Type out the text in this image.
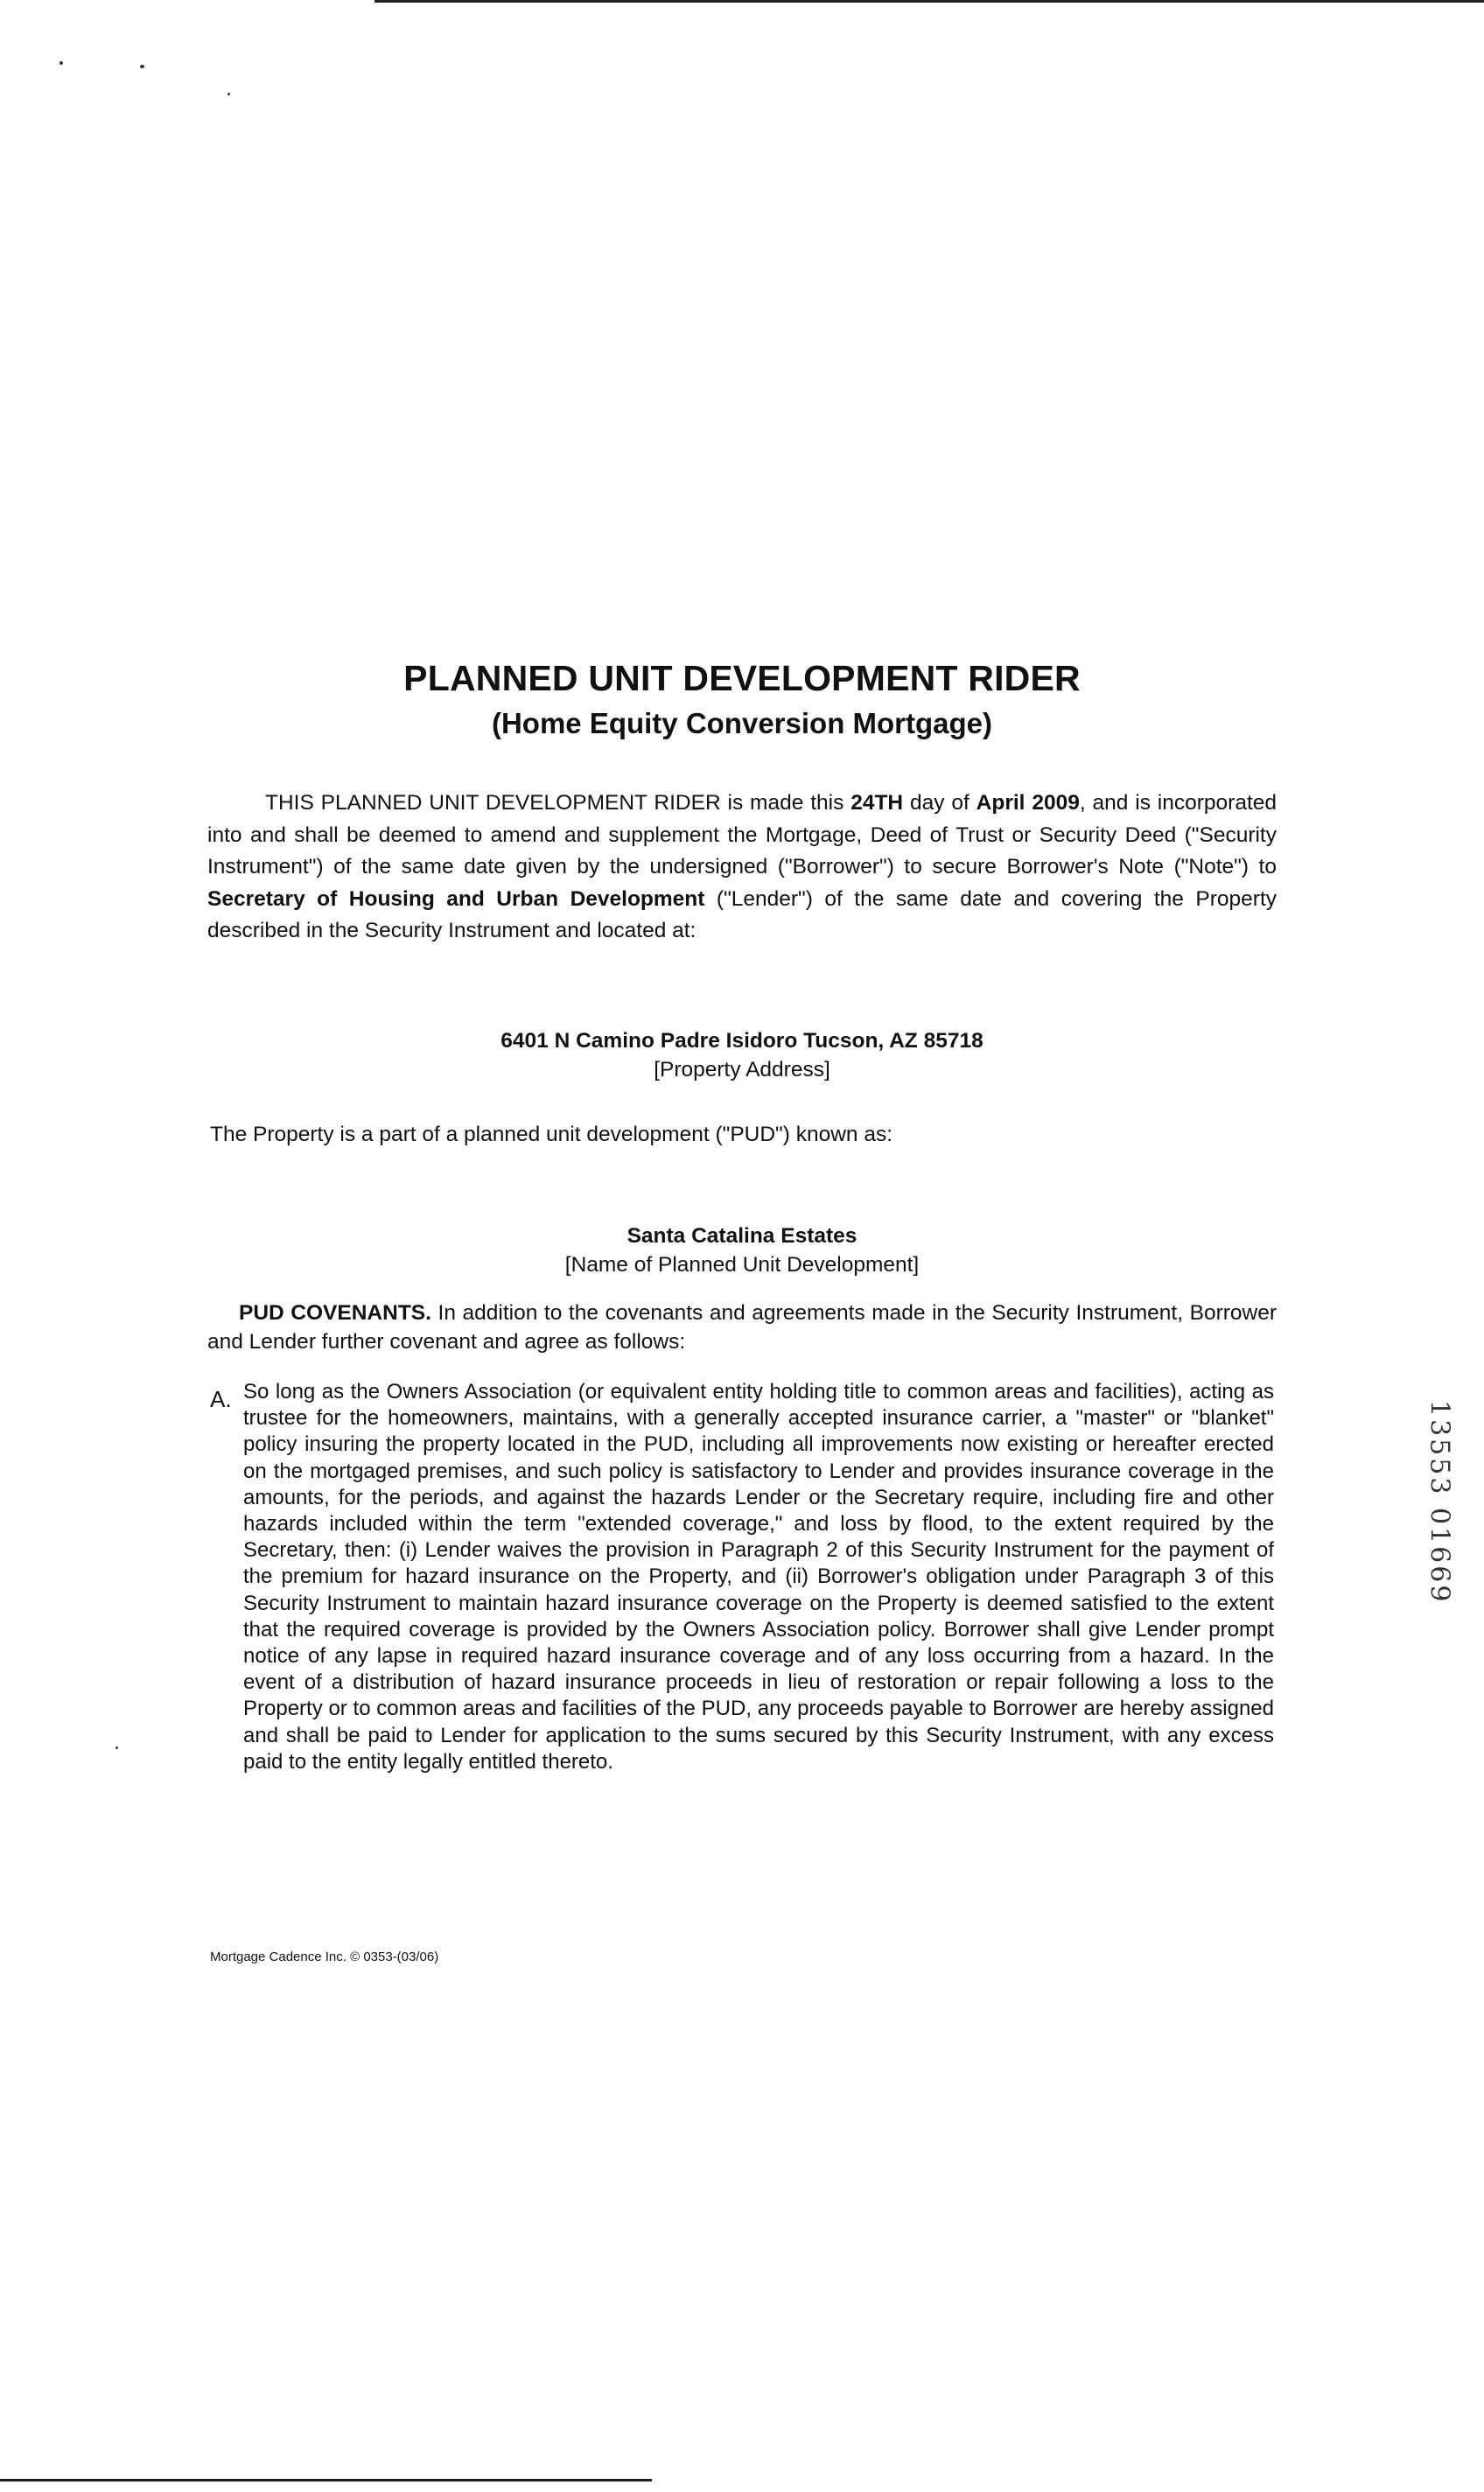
PLANNED UNIT DEVELOPMENT RIDER
(Home Equity Conversion Mortgage)
THIS PLANNED UNIT DEVELOPMENT RIDER is made this 24TH day of April 2009, and is incorporated into and shall be deemed to amend and supplement the Mortgage, Deed of Trust or Security Deed ("Security Instrument") of the same date given by the undersigned ("Borrower") to secure Borrower's Note ("Note") to Secretary of Housing and Urban Development ("Lender") of the same date and covering the Property described in the Security Instrument and located at:
6401 N Camino Padre Isidoro Tucson, AZ 85718
[Property Address]
The Property is a part of a planned unit development ("PUD") known as:
Santa Catalina Estates
[Name of Planned Unit Development]
PUD COVENANTS. In addition to the covenants and agreements made in the Security Instrument, Borrower and Lender further covenant and agree as follows:
A. So long as the Owners Association (or equivalent entity holding title to common areas and facilities), acting as trustee for the homeowners, maintains, with a generally accepted insurance carrier, a "master" or "blanket" policy insuring the property located in the PUD, including all improvements now existing or hereafter erected on the mortgaged premises, and such policy is satisfactory to Lender and provides insurance coverage in the amounts, for the periods, and against the hazards Lender or the Secretary require, including fire and other hazards included within the term "extended coverage," and loss by flood, to the extent required by the Secretary, then: (i) Lender waives the provision in Paragraph 2 of this Security Instrument for the payment of the premium for hazard insurance on the Property, and (ii) Borrower's obligation under Paragraph 3 of this Security Instrument to maintain hazard insurance coverage on the Property is deemed satisfied to the extent that the required coverage is provided by the Owners Association policy. Borrower shall give Lender prompt notice of any lapse in required hazard insurance coverage and of any loss occurring from a hazard. In the event of a distribution of hazard insurance proceeds in lieu of restoration or repair following a loss to the Property or to common areas and facilities of the PUD, any proceeds payable to Borrower are hereby assigned and shall be paid to Lender for application to the sums secured by this Security Instrument, with any excess paid to the entity legally entitled thereto.
Mortgage Cadence Inc. © 0353-(03/06)
13553 01669
